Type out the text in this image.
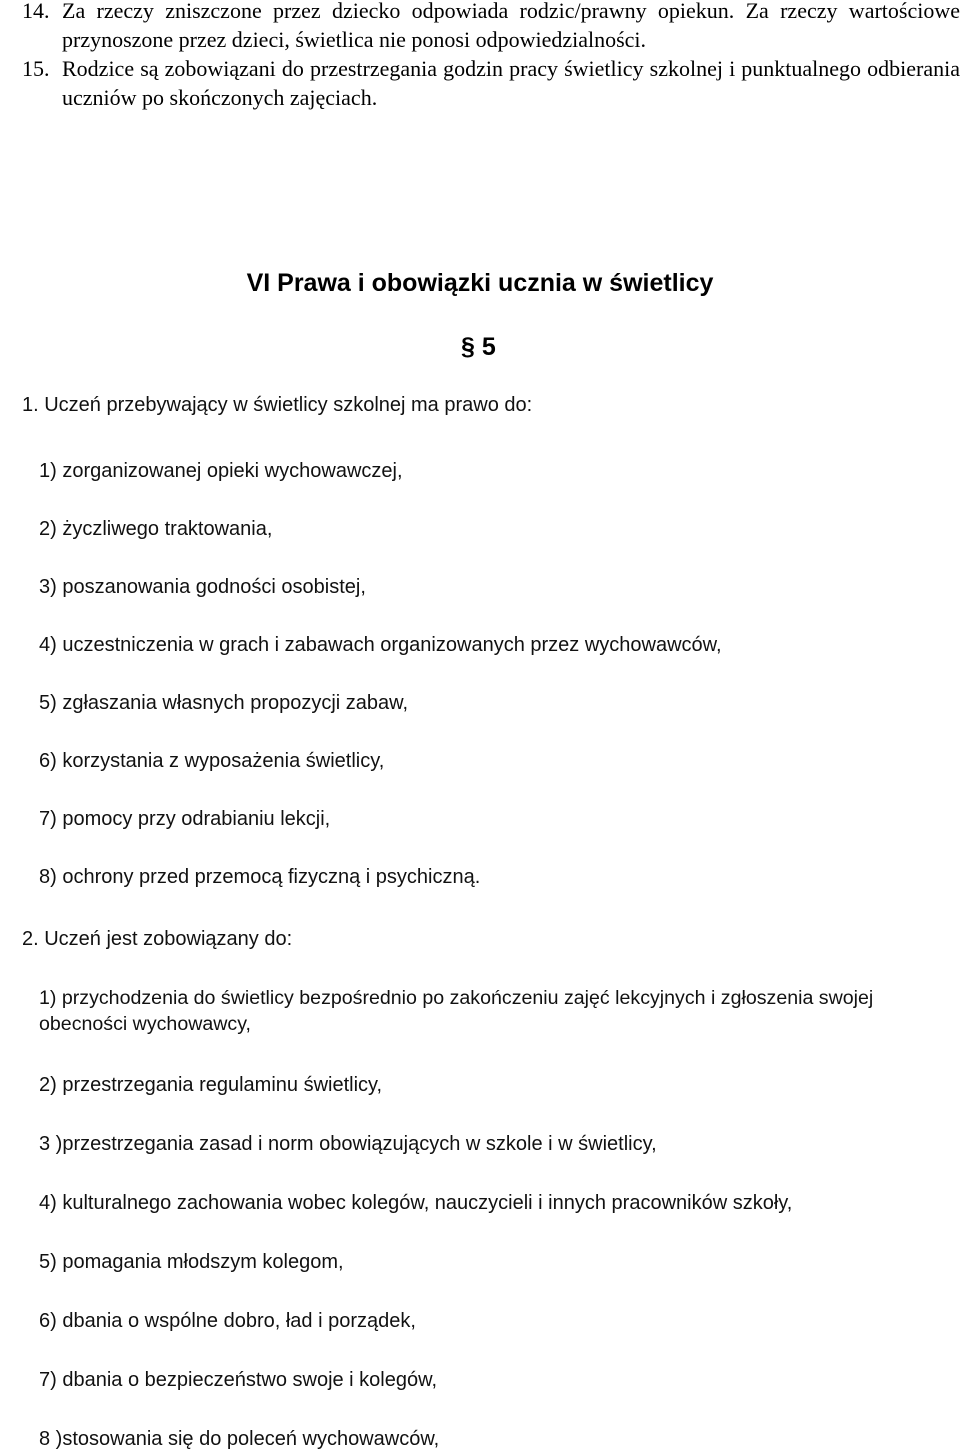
14. Za rzeczy zniszczone przez dziecko odpowiada rodzic/prawny opiekun. Za rzeczy wartościowe przynoszone przez dzieci, świetlica nie ponosi odpowiedzialności.
15. Rodzice są zobowiązani do przestrzegania godzin pracy świetlicy szkolnej i punktualnego odbierania uczniów po skończonych zajęciach.
VI Prawa i obowiązki ucznia w świetlicy
§ 5
1. Uczeń przebywający w świetlicy szkolnej ma prawo do:
1) zorganizowanej opieki wychowawczej,
2) życzliwego traktowania,
3) poszanowania godności osobistej,
4) uczestniczenia w grach i zabawach organizowanych przez wychowawców,
5) zgłaszania własnych propozycji zabaw,
6) korzystania z wyposażenia świetlicy,
7) pomocy przy odrabianiu lekcji,
8) ochrony przed przemocą fizyczną i psychiczną.
2. Uczeń jest zobowiązany do:
1) przychodzenia do świetlicy bezpośrednio po zakończeniu zajęć lekcyjnych i zgłoszenia swojej obecności wychowawcy,
2) przestrzegania regulaminu świetlicy,
3 )przestrzegania zasad i norm obowiązujących w szkole i w świetlicy,
4) kulturalnego zachowania wobec kolegów, nauczycieli i innych pracowników szkoły,
5) pomagania młodszym kolegom,
6) dbania o wspólne dobro, ład i porządek,
7) dbania o bezpieczeństwo swoje i kolegów,
8 )stosowania się do poleceń wychowawców,
